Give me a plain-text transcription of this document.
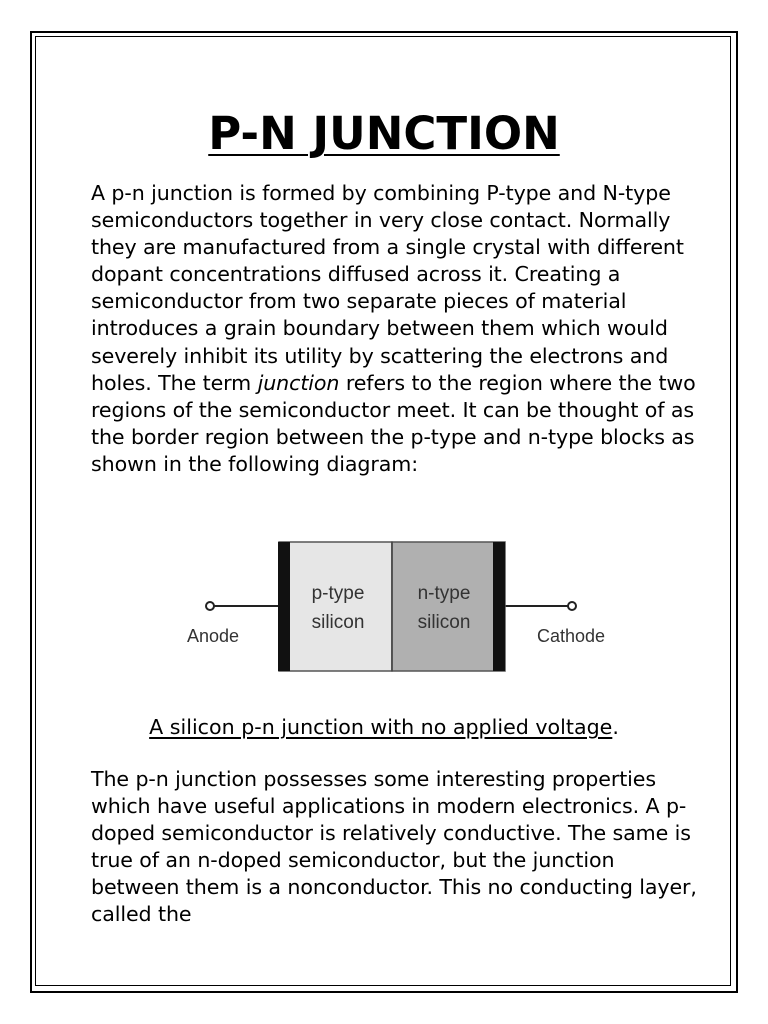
P-N JUNCTION

A p-n junction is formed by combining P-type and N-type semiconductors together in very close contact. Normally they are manufactured from a single crystal with different dopant concentrations diffused across it. Creating a semiconductor from two separate pieces of material introduces a grain boundary between them which would severely inhibit its utility by scattering the electrons and holes. The term junction refers to the region where the two regions of the semiconductor meet. It can be thought of as the border region between the p-type and n-type blocks as shown in the following diagram:

p-type
silicon
n-type
silicon
Anode	Cathode

A silicon p-n junction with no applied voltage.

The p-n junction possesses some interesting properties which have useful applications in modern electronics. A p-doped semiconductor is relatively conductive. The same is true of an n-doped semiconductor, but the junction between them is a nonconductor. This no conducting layer, called the
